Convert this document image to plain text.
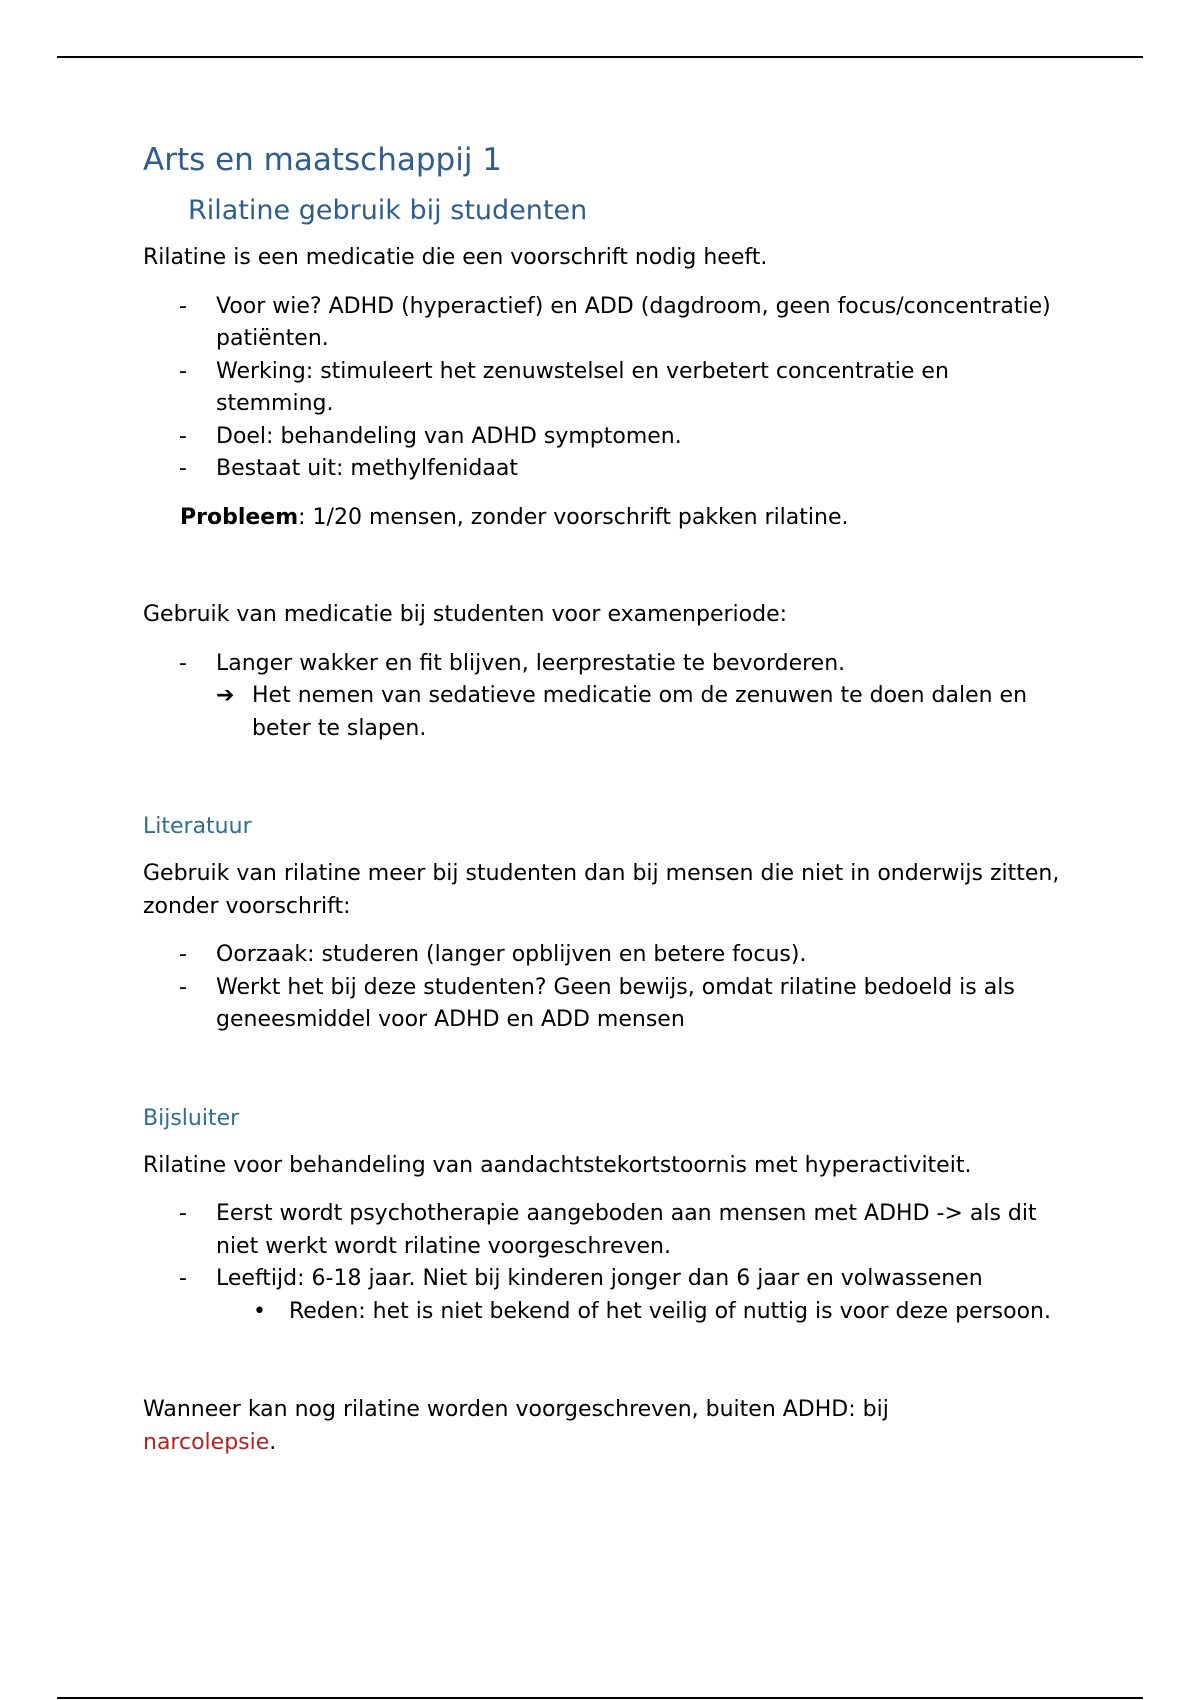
Arts en maatschappij 1
Rilatine gebruik bij studenten

Rilatine is een medicatie die een voorschrift nodig heeft.

- Voor wie? ADHD (hyperactief) en ADD (dagdroom, geen focus/concentratie) patiënten.
- Werking: stimuleert het zenuwstelsel en verbetert concentratie en stemming.
- Doel: behandeling van ADHD symptomen.
- Bestaat uit: methylfenidaat

Probleem: 1/20 mensen, zonder voorschrift pakken rilatine.

Gebruik van medicatie bij studenten voor examenperiode:

- Langer wakker en fit blijven, leerprestatie te bevorderen.
➔ Het nemen van sedatieve medicatie om de zenuwen te doen dalen en beter te slapen.
Literatuur

Gebruik van rilatine meer bij studenten dan bij mensen die niet in onderwijs zitten, zonder voorschrift:

- Oorzaak: studeren (langer opblijven en betere focus).
- Werkt het bij deze studenten? Geen bewijs, omdat rilatine bedoeld is als geneesmiddel voor ADHD en ADD mensen
Bijsluiter

Rilatine voor behandeling van aandachtstekortstoornis met hyperactiviteit.

- Eerst wordt psychotherapie aangeboden aan mensen met ADHD -> als dit niet werkt wordt rilatine voorgeschreven.
- Leeftijd: 6-18 jaar. Niet bij kinderen jonger dan 6 jaar en volwassenen
•	Reden: het is niet bekend of het veilig of nuttig is voor deze persoon.

Wanneer kan nog rilatine worden voorgeschreven, buiten ADHD: bij
narcolepsie.
